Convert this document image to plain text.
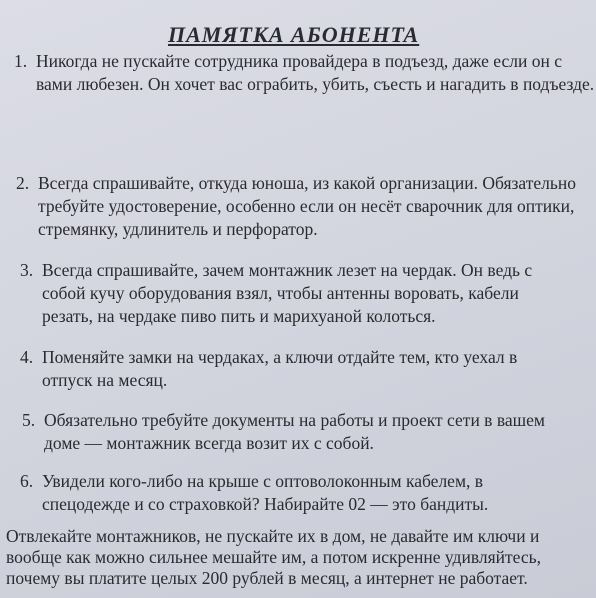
ПАМЯТКА АБОНЕНТА
1. Никогда не пускайте сотрудника провайдера в подъезд, даже если он с вами любезен. Он хочет вас ограбить, убить, съесть и нагадить в подъезде.
2. Всегда спрашивайте, откуда юноша, из какой организации. Обязательно требуйте удостоверение, особенно если он несёт сварочник для оптики, стремянку, удлинитель и перфоратор.
3. Всегда спрашивайте, зачем монтажник лезет на чердак. Он ведь с собой кучу оборудования взял, чтобы антенны воровать, кабели резать, на чердаке пиво пить и марихуаной колоться.
4. Поменяйте замки на чердаках, а ключи отдайте тем, кто уехал в отпуск на месяц.
5. Обязательно требуйте документы на работы и проект сети в вашем доме — монтажник всегда возит их с собой.
6. Увидели кого-либо на крыше с оптоволоконным кабелем, в спецодежде и со страховкой? Набирайте 02 — это бандиты.
Отвлекайте монтажников, не пускайте их в дом, не давайте им ключи и вообще как можно сильнее мешайте им, а потом искренне удивляйтесь, почему вы платите целых 200 рублей в месяц, а интернет не работает.
